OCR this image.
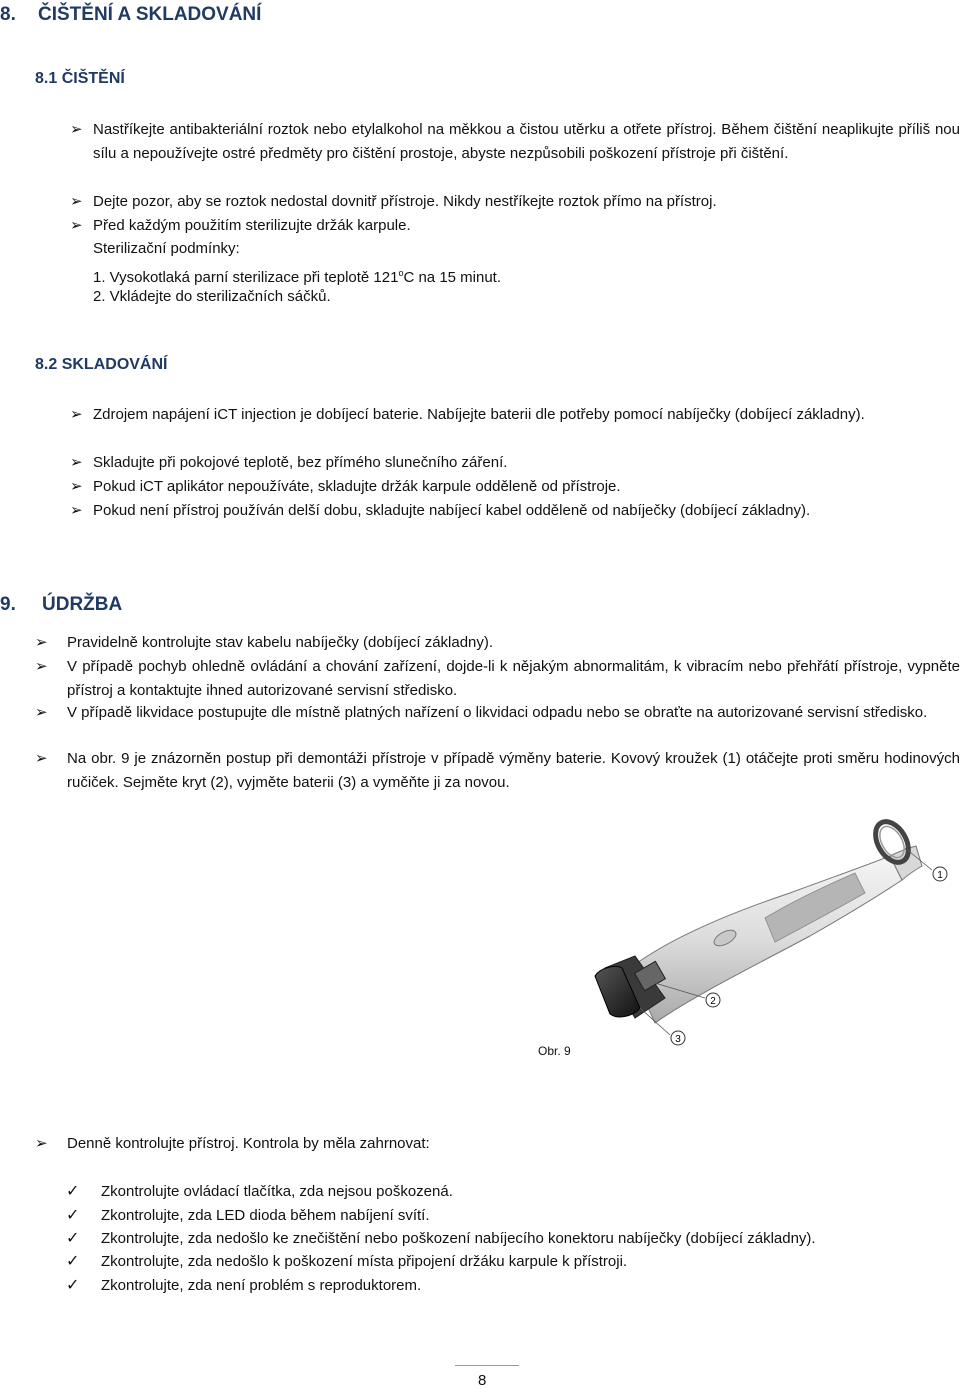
8. ČIŠTĚNÍ A SKLADOVÁNÍ
8.1 ČIŠTĚNÍ
➢ Nastříkejte antibakteriální roztok nebo etylalkohol na měkkou a čistou utěrku a otřete přístroj. Během čištění neaplikujte příliš nou sílu a nepoužívejte ostré předměty pro čištění prostoje, abyste nezpůsobili poškození přístroje při čištění.
➢ Dejte pozor, aby se roztok nedostal dovnitř přístroje. Nikdy nestříkejte roztok přímo na přístroj.
➢ Před každým použitím sterilizujte držák karpule.
Sterilizační podmínky:
1. Vysokotlaká parní sterilizace při teplotě 121$^o$C na 15 minut.
2. Vkládejte do sterilizačních sáčků.
8.2 SKLADOVÁNÍ
➢ Zdrojem napájení iCT injection je dobíjecí baterie. Nabíjejte baterii dle potřeby pomocí nabíječky (dobíjecí základny).
➢ Skladujte při pokojové teplotě, bez přímého slunečního záření.
➢ Pokud iCT aplikátor nepoužíváte, skladujte držák karpule odděleně od přístroje.
➢ Pokud není přístroj používán delší dobu, skladujte nabíjecí kabel odděleně od nabíječky (dobíjecí základny).
9. ÚDRŽBA
➢	Pravidelně kontrolujte stav kabelu nabíječky (dobíjecí základny).
➢	V případě pochyb ohledně ovládání a chování zařízení, dojde-li k nějakým abnormalitám, k vibracím nebo přehřátí přístroje, vypněte přístroj a kontaktujte ihned autorizované servisní středisko.
➢	V případě likvidace postupujte dle místně platných nařízení o likvidaci odpadu nebo se obraťte na autorizované servisní středisko.
➢	Na obr. 9 je znázorněn postup při demontáži přístroje v případě výměny baterie. Kovový kroužek (1) otáčejte proti směru hodinových ručiček. Sejměte kryt (2), vyjměte baterii (3) a vyměňte ji za novou.
1
2
3
Obr. 9
➢	Denně kontrolujte přístroj. Kontrola by měla zahrnovat:
✓ Zkontrolujte ovládací tlačítka, zda nejsou poškozená.
✓ Zkontrolujte, zda LED dioda během nabíjení svítí.
✓ Zkontrolujte, zda nedošlo ke znečištění nebo poškození nabíjecího konektoru nabíječky (dobíjecí základny).
✓ Zkontrolujte, zda nedošlo k poškození místa připojení držáku karpule k přístroji.
✓ Zkontrolujte, zda není problém s reproduktorem.
8
